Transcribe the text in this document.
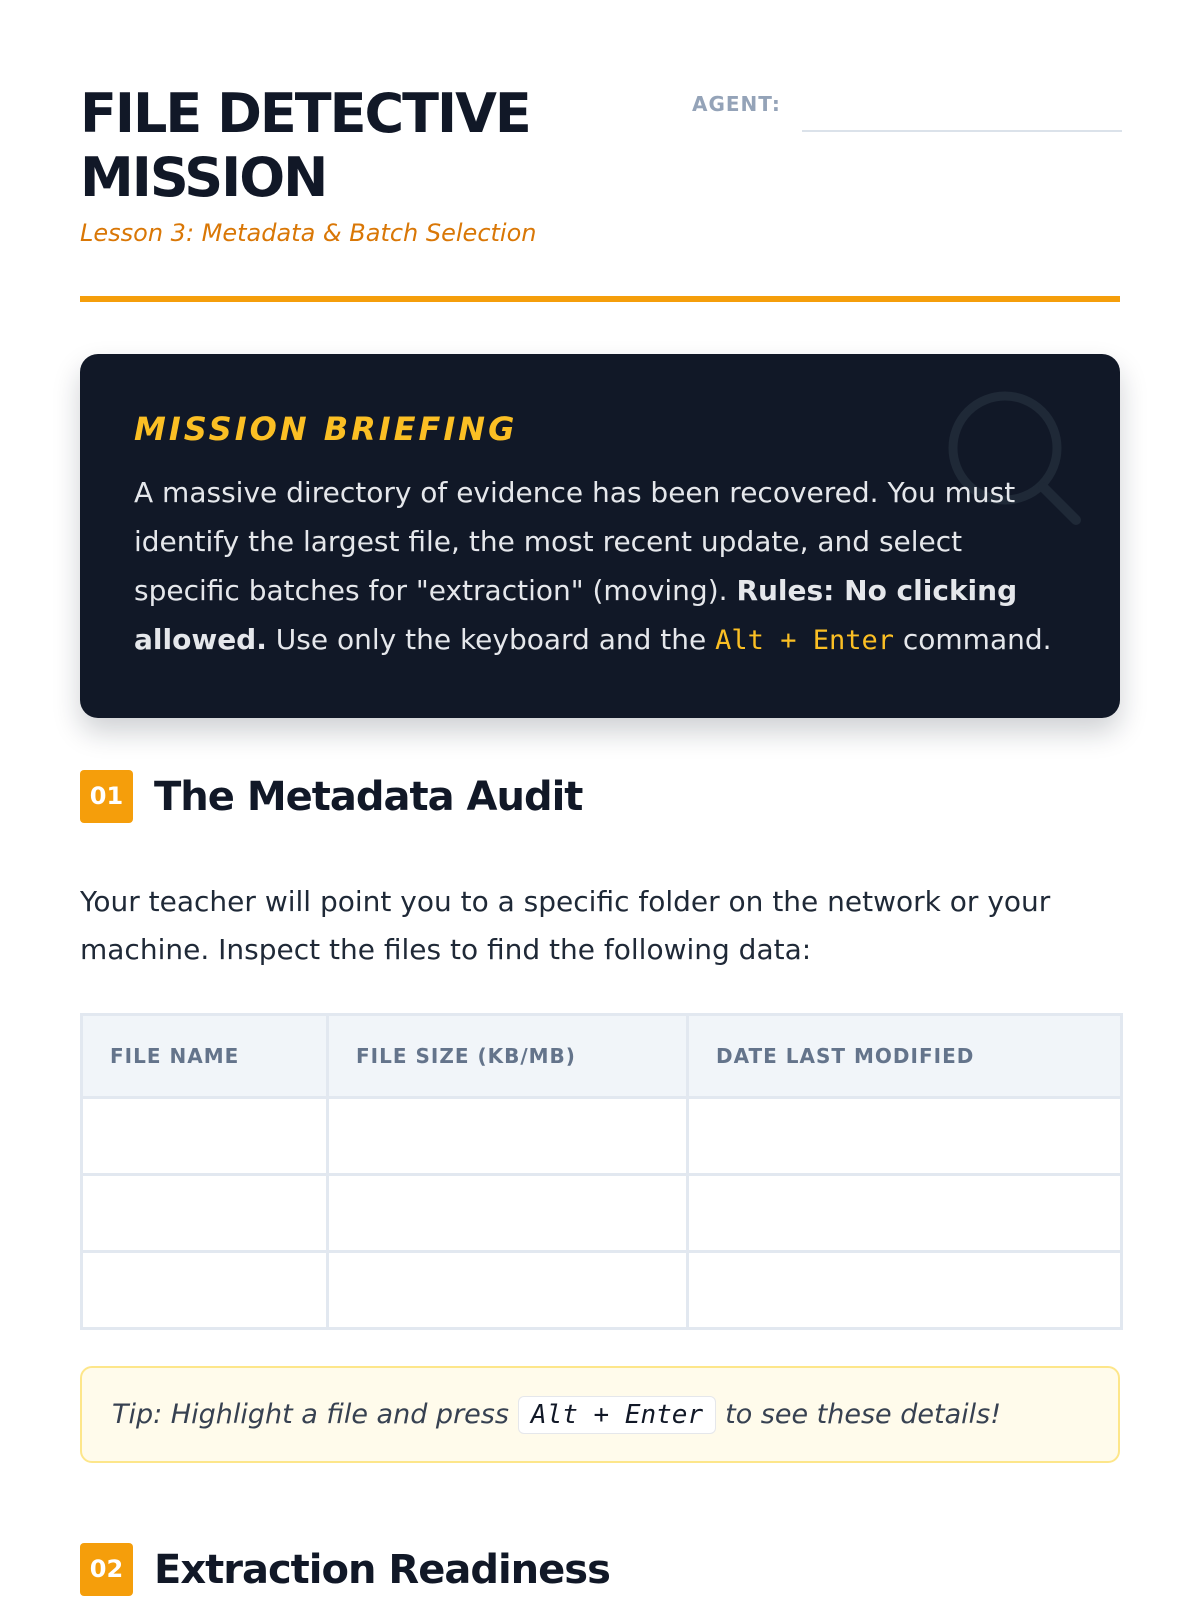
FILE DETECTIVE
MISSION
Lesson 3: Metadata & Batch Selection
AGENT:
MISSION BRIEFING
A massive directory of evidence has been recovered. You must identify the largest file, the most recent update, and select specific batches for "extraction" (moving). Rules: No clicking allowed. Use only the keyboard and the Alt + Enter command.
01 The Metadata Audit

Your teacher will point you to a specific folder on the network or your machine. Inspect the files to find the following data:

FILE NAME	FILE SIZE (KB/MB)	DATE LAST MODIFIED

Tip: Highlight a file and press Alt + Enter to see these details!
02 Extraction Readiness
